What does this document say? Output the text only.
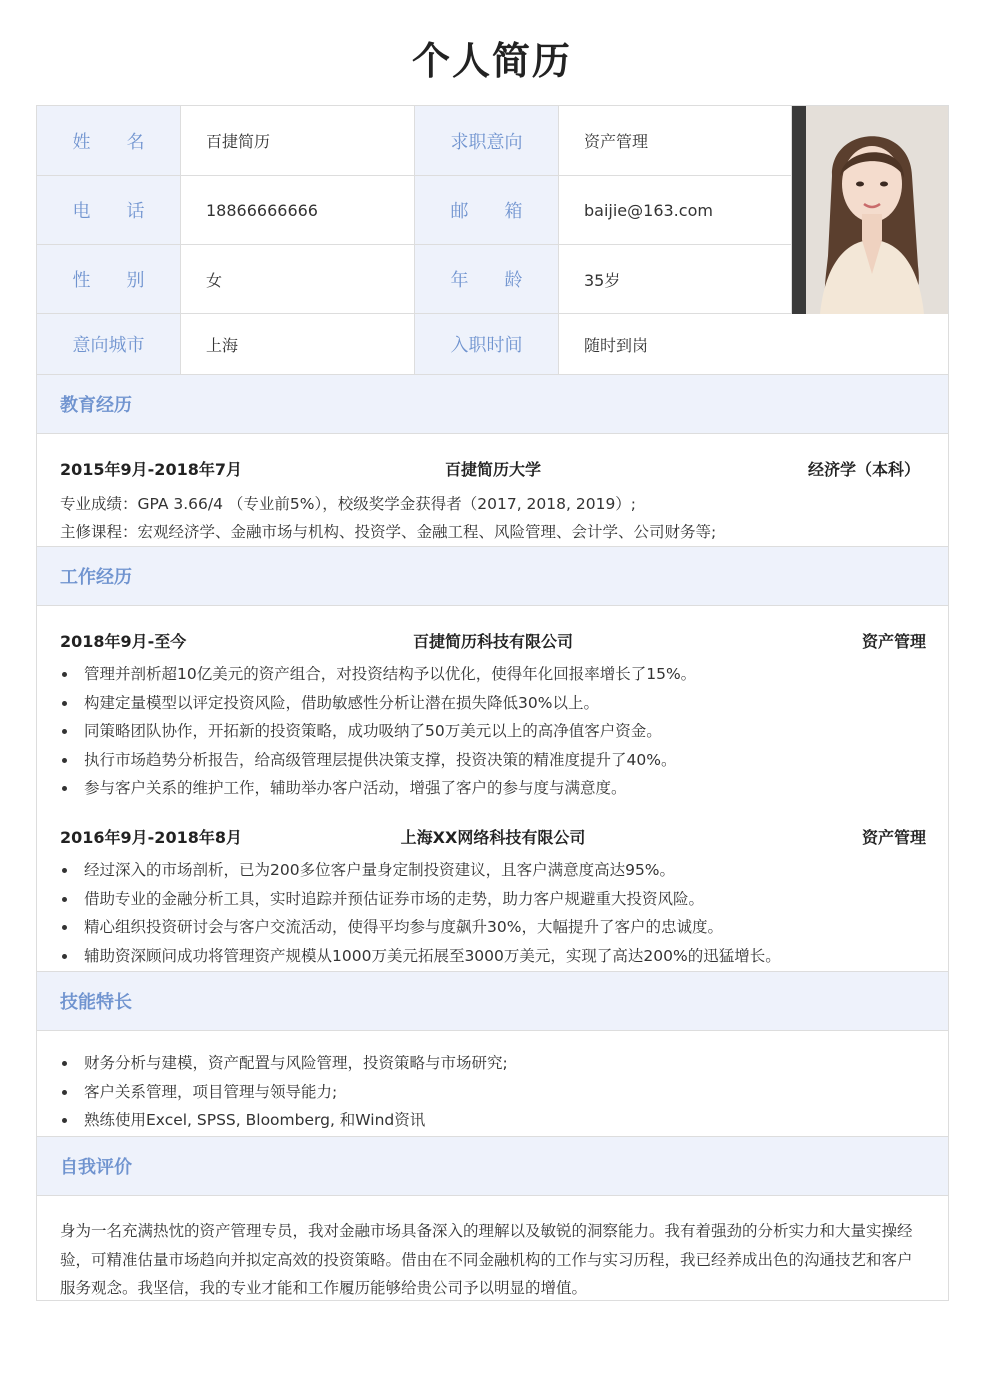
个人简历
姓　　名	百捷简历	求职意向	资产管理
电　　话	18866666666	邮　　箱	baijie@163.com
性　　别	女	年　　龄	35岁
意向城市	上海	入职时间	随时到岗
教育经历
2015年9月-2018年7月	百捷简历大学	经济学（本科）
专业成绩：GPA 3.66/4 （专业前5%），校级奖学金获得者（2017, 2018, 2019）;
主修课程：宏观经济学、金融市场与机构、投资学、金融工程、风险管理、会计学、公司财务等;
工作经历
2018年9月-至今	百捷简历科技有限公司	资产管理
管理并剖析超10亿美元的资产组合，对投资结构予以优化，使得年化回报率增长了15%。
构建定量模型以评定投资风险，借助敏感性分析让潜在损失降低30%以上。
同策略团队协作，开拓新的投资策略，成功吸纳了50万美元以上的高净值客户资金。
执行市场趋势分析报告，给高级管理层提供决策支撑，投资决策的精准度提升了40%。
参与客户关系的维护工作，辅助举办客户活动，增强了客户的参与度与满意度。
2016年9月-2018年8月	上海XX网络科技有限公司	资产管理
经过深入的市场剖析，已为200多位客户量身定制投资建议，且客户满意度高达95%。
借助专业的金融分析工具，实时追踪并预估证券市场的走势，助力客户规避重大投资风险。
精心组织投资研讨会与客户交流活动，使得平均参与度飙升30%，大幅提升了客户的忠诚度。
辅助资深顾问成功将管理资产规模从1000万美元拓展至3000万美元，实现了高达200%的迅猛增长。
技能特长
财务分析与建模，资产配置与风险管理，投资策略与市场研究;
客户关系管理，项目管理与领导能力;
熟练使用Excel, SPSS, Bloomberg, 和Wind资讯
自我评价
身为一名充满热忱的资产管理专员，我对金融市场具备深入的理解以及敏锐的洞察能力。我有着强劲的分析实力和大量实操经验，可精准估量市场趋向并拟定高效的投资策略。借由在不同金融机构的工作与实习历程，我已经养成出色的沟通技艺和客户服务观念。我坚信，我的专业才能和工作履历能够给贵公司予以明显的增值。
